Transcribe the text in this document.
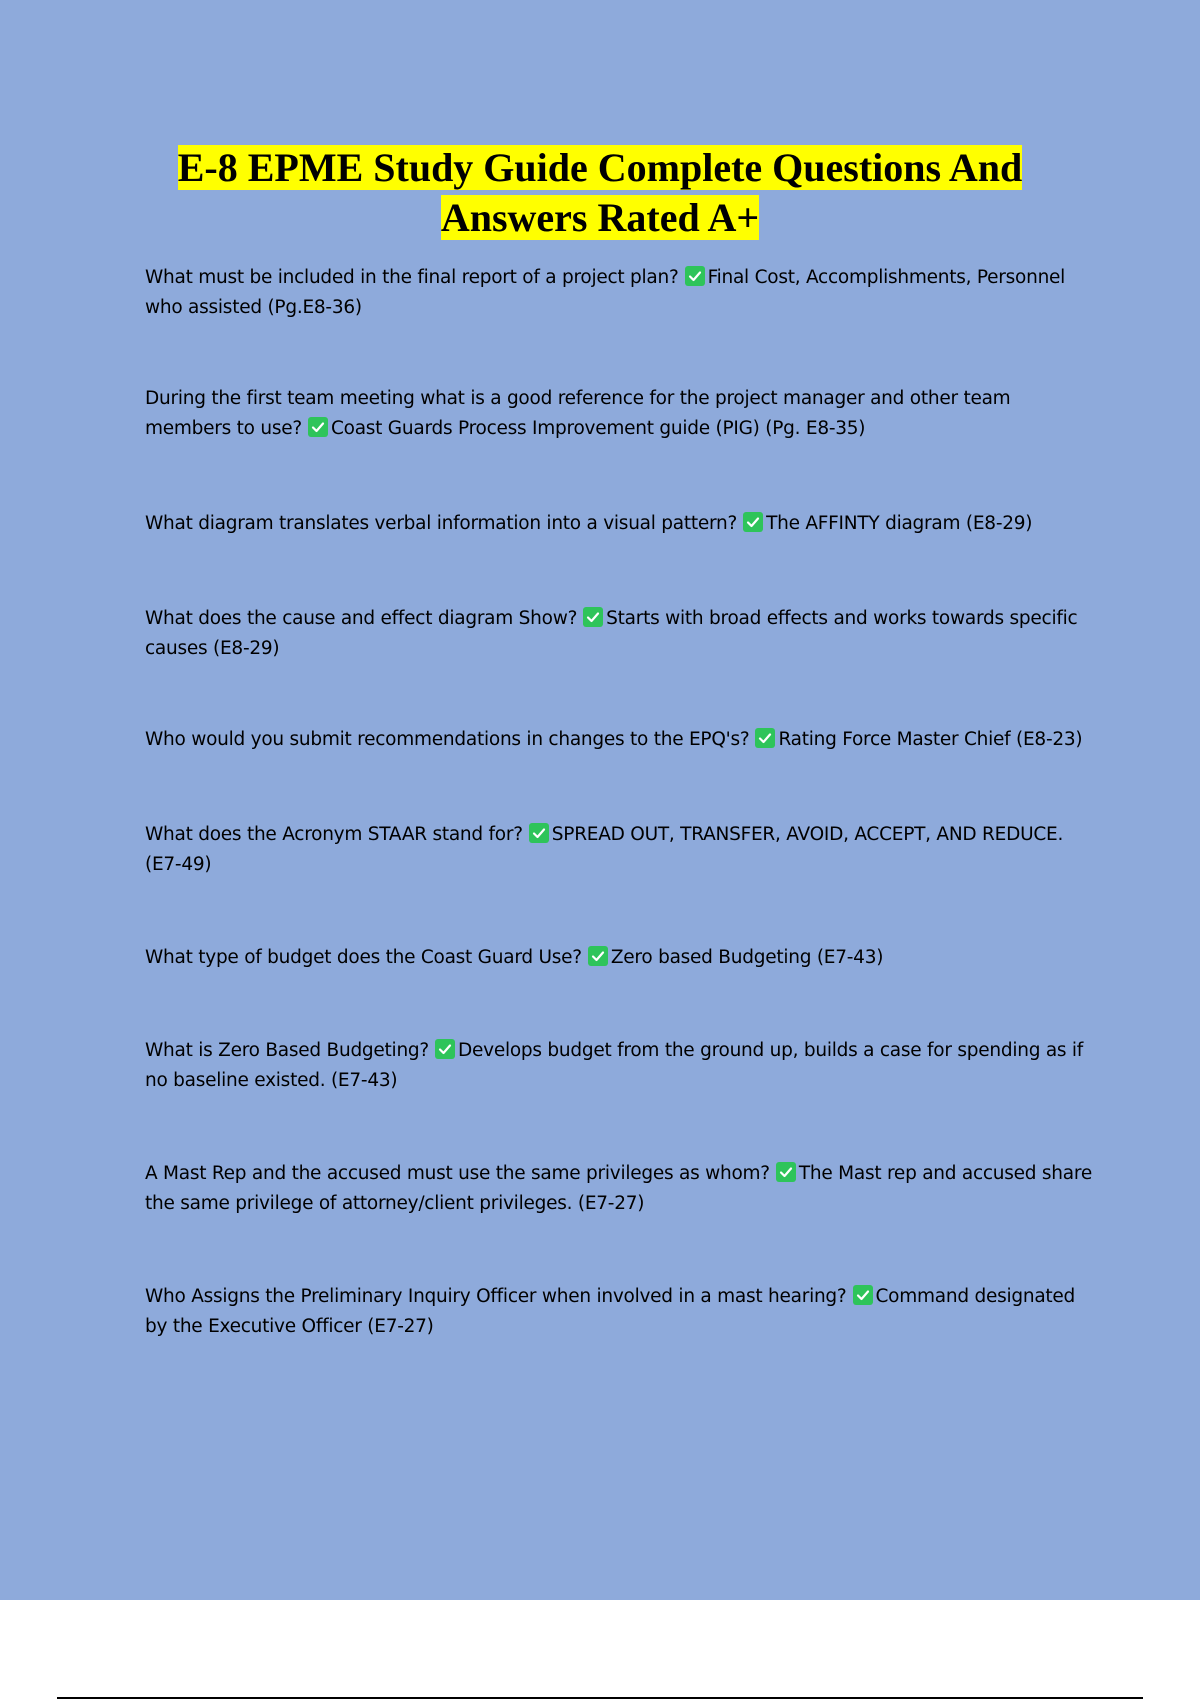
E-8 EPME Study Guide Complete Questions And
Answers Rated A+
What must be included in the final report of a project plan? Final Cost, Accomplishments, Personnel who assisted (Pg.E8-36)
During the first team meeting what is a good reference for the project manager and other team members to use? Coast Guards Process Improvement guide (PIG) (Pg. E8-35)
What diagram translates verbal information into a visual pattern? The AFFINTY diagram (E8-29)
What does the cause and effect diagram Show? Starts with broad effects and works towards specific causes (E8-29)
Who would you submit recommendations in changes to the EPQ's? Rating Force Master Chief (E8-23)
What does the Acronym STAAR stand for? SPREAD OUT, TRANSFER, AVOID, ACCEPT, AND REDUCE. (E7-49)
What type of budget does the Coast Guard Use? Zero based Budgeting (E7-43)
What is Zero Based Budgeting? Develops budget from the ground up, builds a case for spending as if no baseline existed. (E7-43)
A Mast Rep and the accused must use the same privileges as whom? The Mast rep and accused share the same privilege of attorney/client privileges. (E7-27)
Who Assigns the Preliminary Inquiry Officer when involved in a mast hearing? Command designated by the Executive Officer (E7-27)
